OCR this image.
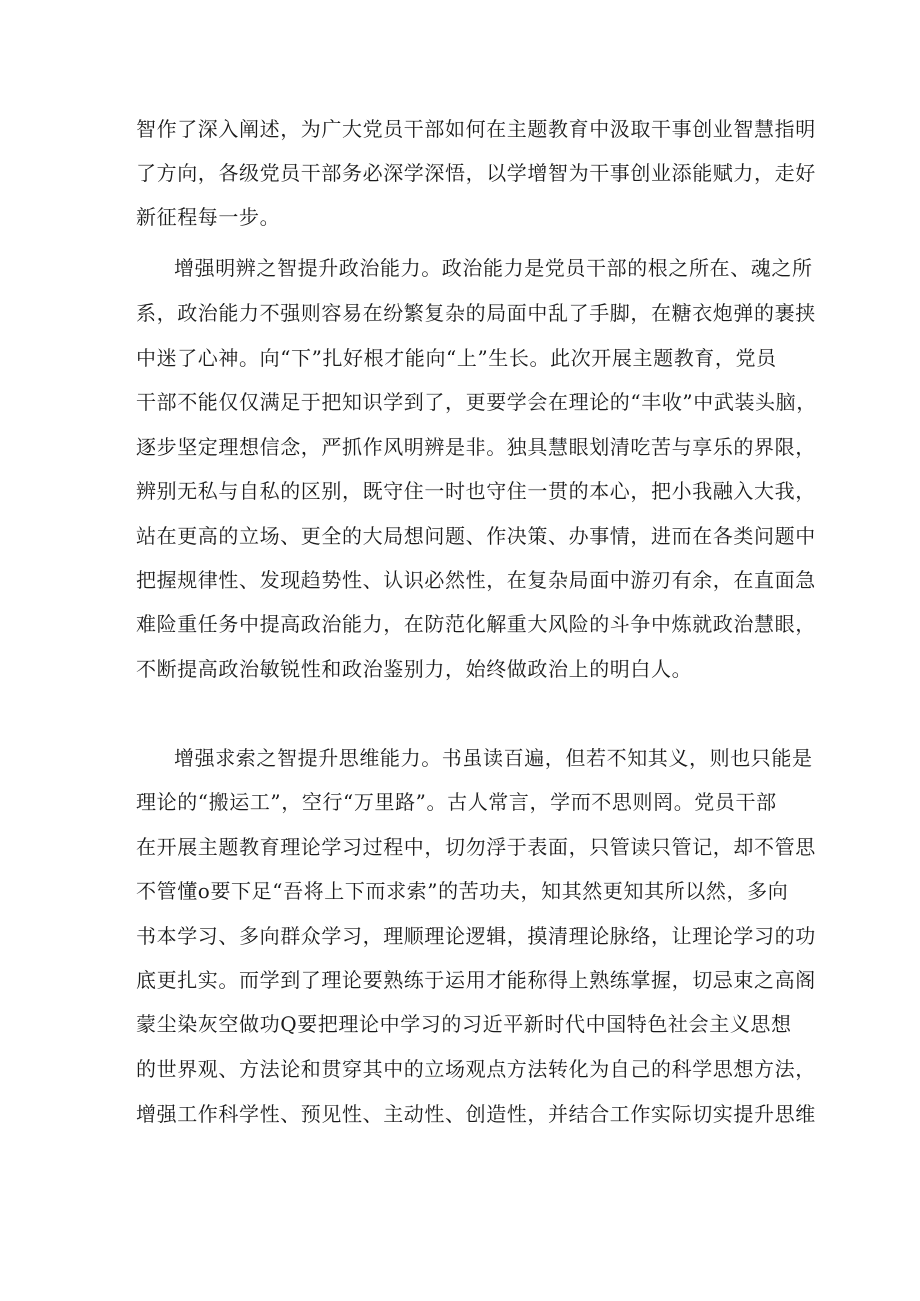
智作了深入阐述，为广大党员干部如何在主题教育中汲取干事创业智慧指明
了方向，各级党员干部务必深学深悟，以学增智为干事创业添能赋力，走好
新征程每一步。
增强明辨之智提升政治能力。政治能力是党员干部的根之所在、魂之所
系，政治能力不强则容易在纷繁复杂的局面中乱了手脚，在糖衣炮弹的裹挟
中迷了心神。向“下”扎好根才能向“上”生长。此次开展主题教育，党员
干部不能仅仅满足于把知识学到了，更要学会在理论的“丰收”中武装头脑，
逐步坚定理想信念，严抓作风明辨是非。独具慧眼划清吃苦与享乐的界限，
辨别无私与自私的区别，既守住一时也守住一贯的本心，把小我融入大我，
站在更高的立场、更全的大局想问题、作决策、办事情，进而在各类问题中
把握规律性、发现趋势性、认识必然性，在复杂局面中游刃有余，在直面急
难险重任务中提高政治能力，在防范化解重大风险的斗争中炼就政治慧眼，
不断提高政治敏锐性和政治鉴别力，始终做政治上的明白人。
增强求索之智提升思维能力。书虽读百遍，但若不知其义，则也只能是
理论的“搬运工”，空行“万里路”。古人常言，学而不思则罔。党员干部
在开展主题教育理论学习过程中，切勿浮于表面，只管读只管记，却不管思
不管懂o要下足“吾将上下而求索”的苦功夫，知其然更知其所以然，多向
书本学习、多向群众学习，理顺理论逻辑，摸清理论脉络，让理论学习的功
底更扎实。而学到了理论要熟练于运用才能称得上熟练掌握，切忌束之高阁
蒙尘染灰空做功Q要把理论中学习的习近平新时代中国特色社会主义思想
的世界观、方法论和贯穿其中的立场观点方法转化为自己的科学思想方法，
增强工作科学性、预见性、主动性、创造性，并结合工作实际切实提升思维
